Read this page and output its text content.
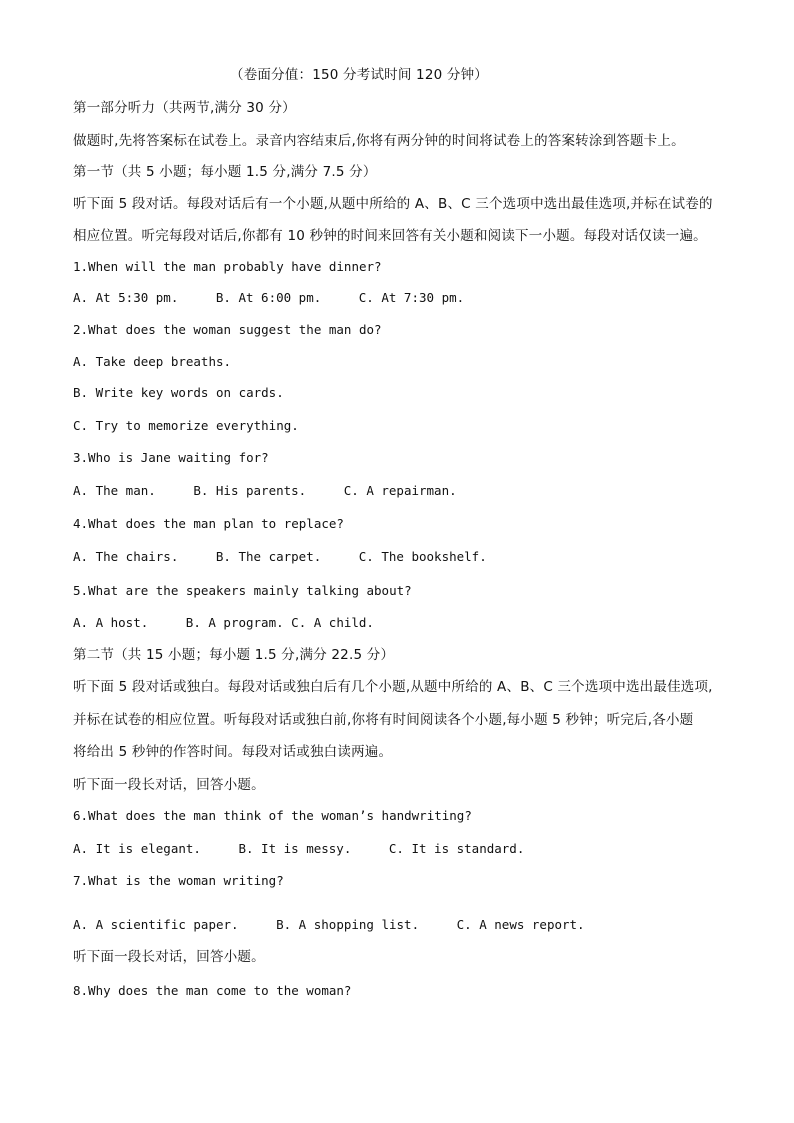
（卷面分值：150 分考试时间 120 分钟）
第一部分听力（共两节,满分 30 分）
做题时,先将答案标在试卷上。录音内容结束后,你将有两分钟的时间将试卷上的答案转涂到答题卡上。
第一节（共 5 小题；每小题 1.5 分,满分 7.5 分）
听下面 5 段对话。每段对话后有一个小题,从题中所给的 A、B、C 三个选项中选出最佳选项,并标在试卷的
相应位置。听完每段对话后,你都有 10 秒钟的时间来回答有关小题和阅读下一小题。每段对话仅读一遍。
1.When will the man probably have dinner?
A. At 5:30 pm.	B. At 6:00 pm.	C. At 7:30 pm.
2.What does the woman suggest the man do?
A. Take deep breaths.
B. Write key words on cards.
C. Try to memorize everything.
3.Who is Jane waiting for?
A. The man.	B. His parents.	C. A repairman.
4.What does the man plan to replace?
A. The chairs.	B. The carpet.	C. The bookshelf.
5.What are the speakers mainly talking about?
A. A host.	B. A program. C. A child.
第二节（共 15 小题；每小题 1.5 分,满分 22.5 分）
听下面 5 段对话或独白。每段对话或独白后有几个小题,从题中所给的 A、B、C 三个选项中选出最佳选项,
并标在试卷的相应位置。听每段对话或独白前,你将有时间阅读各个小题,每小题 5 秒钟；听完后,各小题
将给出 5 秒钟的作答时间。每段对话或独白读两遍。
听下面一段长对话，回答小题。
6.What does the man think of the woman’s handwriting?
A. It is elegant.	B. It is messy.	C. It is standard.
7.What is the woman writing?
A. A scientific paper.	B. A shopping list.	C. A news report.
听下面一段长对话，回答小题。
8.Why does the man come to the woman?
